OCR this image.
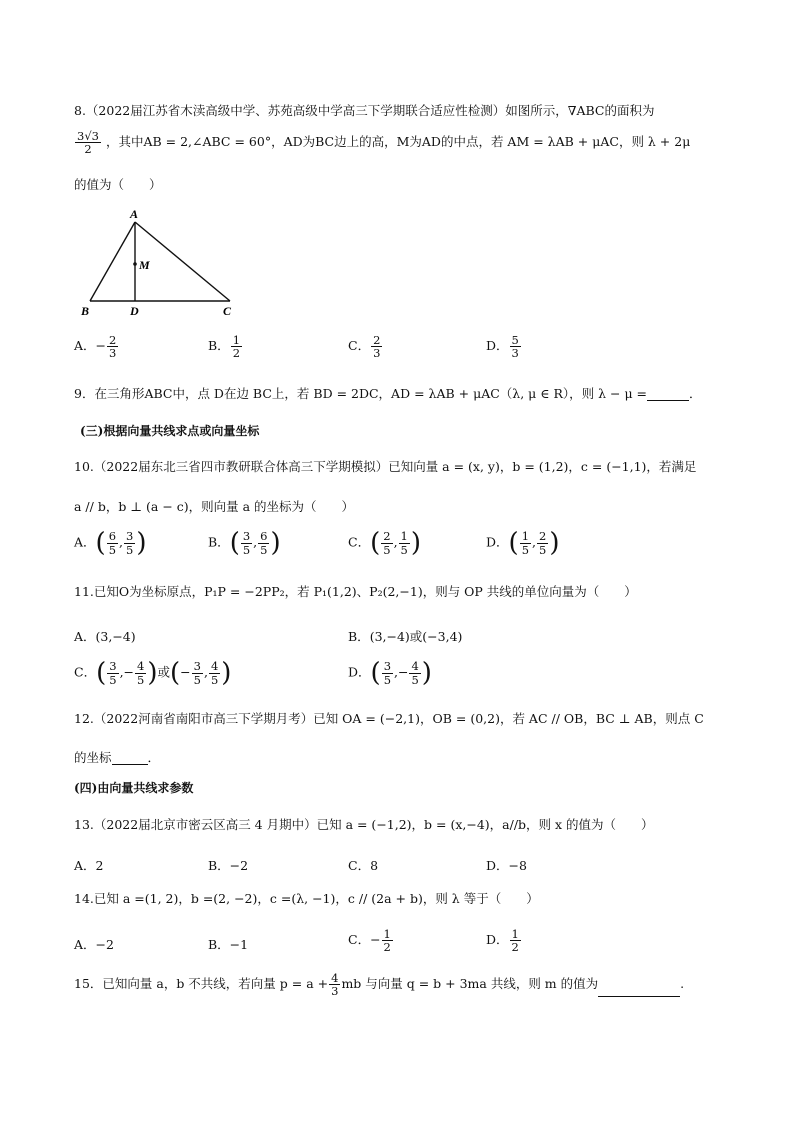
8.（2022届江苏省木渎高级中学、苏苑高级中学高三下学期联合适应性检测）如图所示，∇ABC的面积为
$\frac{3√3}{2}$ ，其中AB = 2,∠ABC = 60°，AD为BC边上的高，M为AD的中点，若 AM = λAB + μAC，则 λ + 2μ
的值为（　　）
A
M
B	D	C
A．− $\frac{2}{3}$	B． $\frac{1}{2}$	C． $\frac{2}{3}$	D． $\frac{5}{3}$
9．在三角形ABC中，点 D在边 BC上，若 BD = 2DC，AD = λAB + μAC（λ, μ ∈ R），则 λ − μ =	．
(三)根据向量共线求点或向量坐标
10.（2022届东北三省四市教研联合体高三下学期模拟）已知向量 a = (x, y)，b = (1,2)，c = (−1,1)，若满足
a // b，b ⊥ (a − c)，则向量 a 的坐标为（　　）
A．( $\frac{6}{5}$ , $\frac{3}{5}$ )	B．( $\frac{3}{5}$ , $\frac{6}{5}$ )	C．( $\frac{2}{5}$ , $\frac{1}{5}$ )	D．( $\frac{1}{5}$ , $\frac{2}{5}$ )
11.已知O为坐标原点，P₁P = −2PP₂，若 P₁(1,2)、P₂(2,−1)，则与 OP 共线的单位向量为（　　）
A．(3,−4)	B．(3,−4)或(−3,4)
C．( $\frac{3}{5}$ ,− $\frac{4}{5}$ )或(− $\frac{3}{5}$ , $\frac{4}{5}$ )	D．( $\frac{3}{5}$ ,− $\frac{4}{5}$ )
12.（2022河南省南阳市高三下学期月考）已知 OA = (−2,1)，OB = (0,2)，若 AC // OB，BC ⊥ AB，则点 C
的坐标	．
(四)由向量共线求参数
13.（2022届北京市密云区高三 4 月期中）已知 a = (−1,2)，b = (x,−4)，a//b，则 x 的值为（　　）
A．2	B．−2	C．8	D．−8
14.已知 a =(1, 2)，b =(2, −2)，c =(λ, −1)，c // (2a + b)，则 λ 等于（　　）
A．−2	B．−1	C．− $\frac{1}{2}$	D． $\frac{1}{2}$
15．已知向量 a，b 不共线，若向量 $p = a + \frac{4}{3}$ mb 与向量 q = b + 3ma 共线，则 m 的值为	.
